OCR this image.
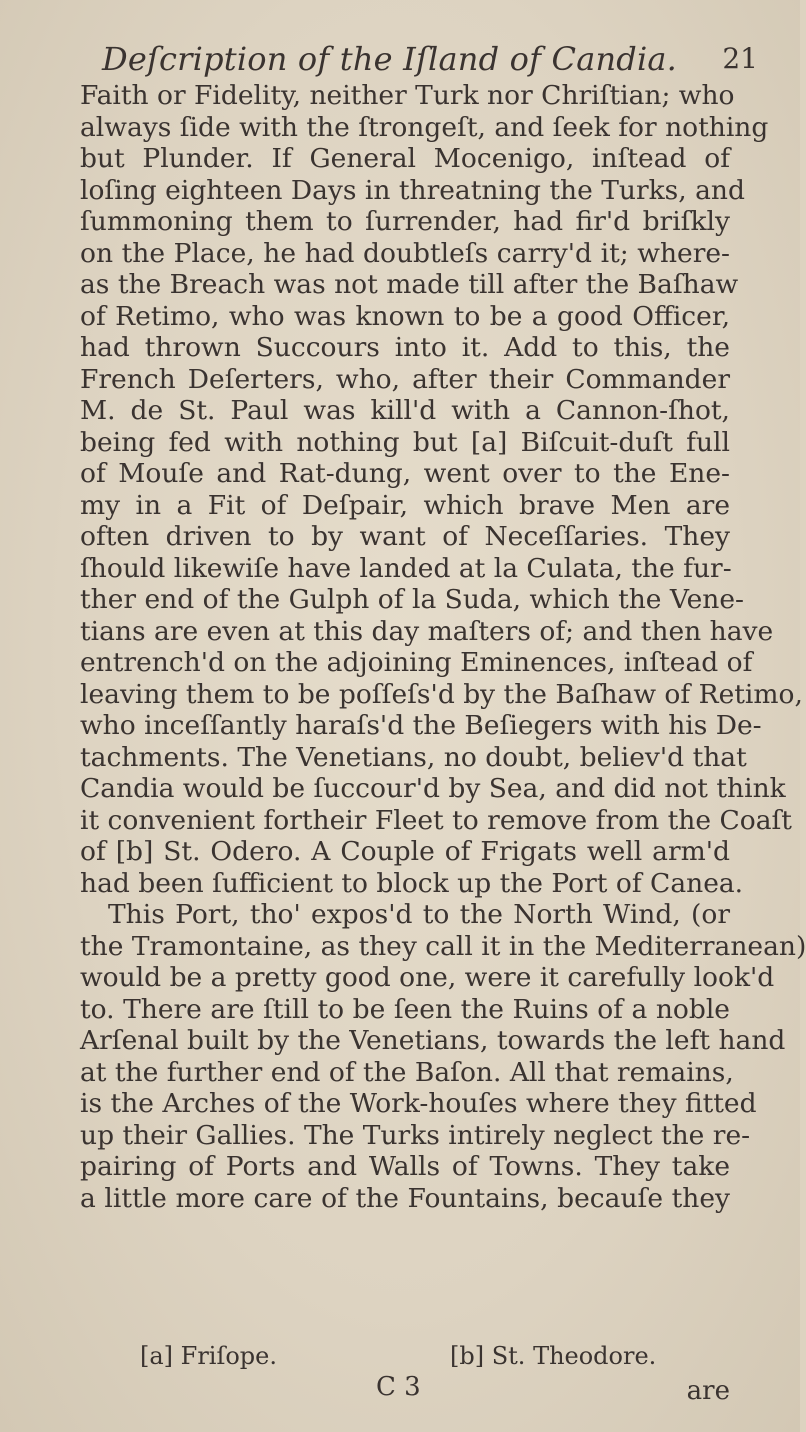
Deſcription of the Iſland of Candia. 21
Faith or Fidelity, neither Turk nor Chriſtian; who
always ſide with the ſtrongeſt, and ſeek for nothing
but Plunder. If General Mocenigo, inſtead of
loſing eighteen Days in threatning the Turks, and
ſummoning them to ſurrender, had fir'd briſkly
on the Place, he had doubtleſs carry'd it; where-
as the Breach was not made till after the Baſhaw
of Retimo, who was known to be a good Officer,
had thrown Succours into it. Add to this, the
French Deſerters, who, after their Commander
M. de St. Paul was kill'd with a Cannon-ſhot,
being fed with nothing but [a] Biſcuit-duſt full
of Mouſe and Rat-dung, went over to the Ene-
my in a Fit of Deſpair, which brave Men are
often driven to by want of Neceſſaries. They
ſhould likewiſe have landed at la Culata, the fur-
ther end of the Gulph of la Suda, which the Vene-
tians are even at this day maſters of; and then have
entrench'd on the adjoining Eminences, inſtead of
leaving them to be poſſeſs'd by the Baſhaw of Retimo,
who inceſſantly haraſs'd the Beſiegers with his De-
tachments. The Venetians, no doubt, believ'd that
Candia would be ſuccour'd by Sea, and did not think
it convenient fortheir Fleet to remove from the Coaſt
of [b] St. Odero. A Couple of Frigats well arm'd
had been ſufficient to block up the Port of Canea.
This Port, tho' expos'd to the North Wind, (or
the Tramontaine, as they call it in the Mediterranean)
would be a pretty good one, were it carefully look'd
to. There are ſtill to be ſeen the Ruins of a noble
Arſenal built by the Venetians, towards the left hand
at the further end of the Baſon. All that remains,
is the Arches of the Work-houſes where they fitted
up their Gallies. The Turks intirely neglect the re-
pairing of Ports and Walls of Towns. They take
a little more care of the Fountains, becauſe they
[a] Friſope.	[b] St. Theodore.
C 3	are
